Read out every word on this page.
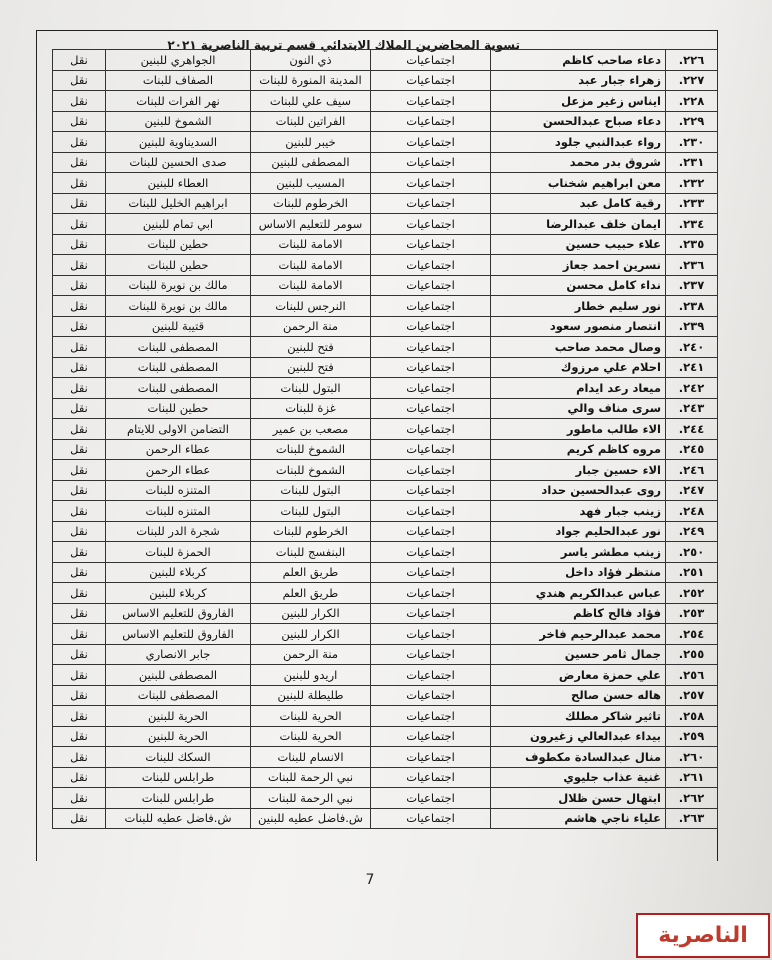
تسوية المحاضرين الملاك الابتدائي قسم تربية الناصرية ٢٠٢١
٢٢٦.	دعاء صاحب كاظم	اجتماعيات	ذي النون	الجواهري للبنين	نقل
٢٢٧.	زهراء جبار عبد	اجتماعيات	المدينة المنورة للبنات	الصفاف للبنات	نقل
٢٢٨.	ايناس زغير مزعل	اجتماعيات	سيف علي للبنات	نهر الفرات للبنات	نقل
٢٢٩.	دعاء صباح عبدالحسن	اجتماعيات	الفراتين للبنات	الشموخ للبنين	نقل
٢٣٠.	رواء عبدالنبي جلود	اجتماعيات	خيبر للبنين	السديناوية للبنين	نقل
٢٣١.	شروق بدر محمد	اجتماعيات	المصطفى للبنين	صدى الحسين للبنات	نقل
٢٣٢.	معن ابراهيم شخناب	اجتماعيات	المسيب للبنين	العطاء للبنين	نقل
٢٣٣.	رقية كامل عبد	اجتماعيات	الخرطوم للبنات	ابراهيم الخليل للبنات	نقل
٢٣٤.	ايمان خلف عبدالرضا	اجتماعيات	سومر للتعليم الاساس	ابي تمام للبنين	نقل
٢٣٥.	علاء حبيب حسين	اجتماعيات	الامامة للبنات	حطين للبنات	نقل
٢٣٦.	نسرين احمد جعاز	اجتماعيات	الامامة للبنات	حطين للبنات	نقل
٢٣٧.	نداء كامل محسن	اجتماعيات	الامامة للبنات	مالك بن نويرة للبنات	نقل
٢٣٨.	نور سليم خطار	اجتماعيات	النرجس للبنات	مالك بن نويرة للبنات	نقل
٢٣٩.	انتصار منصور سعود	اجتماعيات	منة الرحمن	قتيبة للبنين	نقل
٢٤٠.	وصال محمد صاحب	اجتماعيات	فتح للبنين	المصطفى للبنات	نقل
٢٤١.	احلام علي مرزوك	اجتماعيات	فتح للبنين	المصطفى للبنات	نقل
٢٤٢.	ميعاد رعد ايدام	اجتماعيات	البتول للبنات	المصطفى للبنات	نقل
٢٤٣.	سرى مناف والي	اجتماعيات	غزة للبنات	حطين للبنات	نقل
٢٤٤.	الاء طالب ماطور	اجتماعيات	مصعب بن عمير	التضامن الاولى للايتام	نقل
٢٤٥.	مروه كاظم كريم	اجتماعيات	الشموخ للبنات	عطاء الرحمن	نقل
٢٤٦.	الاء حسين جبار	اجتماعيات	الشموخ للبنات	عطاء الرحمن	نقل
٢٤٧.	روى عبدالحسين حداد	اجتماعيات	البتول للبنات	المتنزه للبنات	نقل
٢٤٨.	زينب جبار فهد	اجتماعيات	البتول للبنات	المتنزه للبنات	نقل
٢٤٩.	نور عبدالحليم جواد	اجتماعيات	الخرطوم للبنات	شجرة الدر للبنات	نقل
٢٥٠.	زينب مطشر ياسر	اجتماعيات	البنفسج للبنات	الحمزة للبنات	نقل
٢٥١.	منتظر فؤاد داخل	اجتماعيات	طريق العلم	كربلاء للبنين	نقل
٢٥٢.	عباس عبدالكريم هندي	اجتماعيات	طريق العلم	كربلاء للبنين	نقل
٢٥٣.	فؤاد فالح كاظم	اجتماعيات	الكرار للبنين	الفاروق للتعليم الاساس	نقل
٢٥٤.	محمد عبدالرحيم فاخر	اجتماعيات	الكرار للبنين	الفاروق للتعليم الاساس	نقل
٢٥٥.	جمال ثامر حسين	اجتماعيات	منة الرحمن	جابر الانصاري	نقل
٢٥٦.	علي حمزة معارض	اجتماعيات	اريدو للبنين	المصطفى للبنين	نقل
٢٥٧.	هاله حسن صالح	اجتماعيات	طليطلة للبنين	المصطفى للبنات	نقل
٢٥٨.	تاثير شاكر مطلك	اجتماعيات	الحرية للبنات	الحرية للبنين	نقل
٢٥٩.	بيداء عبدالعالي زغيرون	اجتماعيات	الحرية للبنات	الحرية للبنين	نقل
٢٦٠.	منال عبدالسادة مكطوف	اجتماعيات	الانسام للبنات	السكك للبنات	نقل
٢٦١.	غنية عذاب جليوي	اجتماعيات	نبي الرحمة للبنات	طرابلس للبنات	نقل
٢٦٢.	ابتهال حسن ظلال	اجتماعيات	نبي الرحمة للبنات	طرابلس للبنات	نقل
٢٦٣.	علياء ناجي هاشم	اجتماعيات	ش.فاضل عطيه للبنين	ش.فاضل عطيه للبنات	نقل
7
الناصرية
